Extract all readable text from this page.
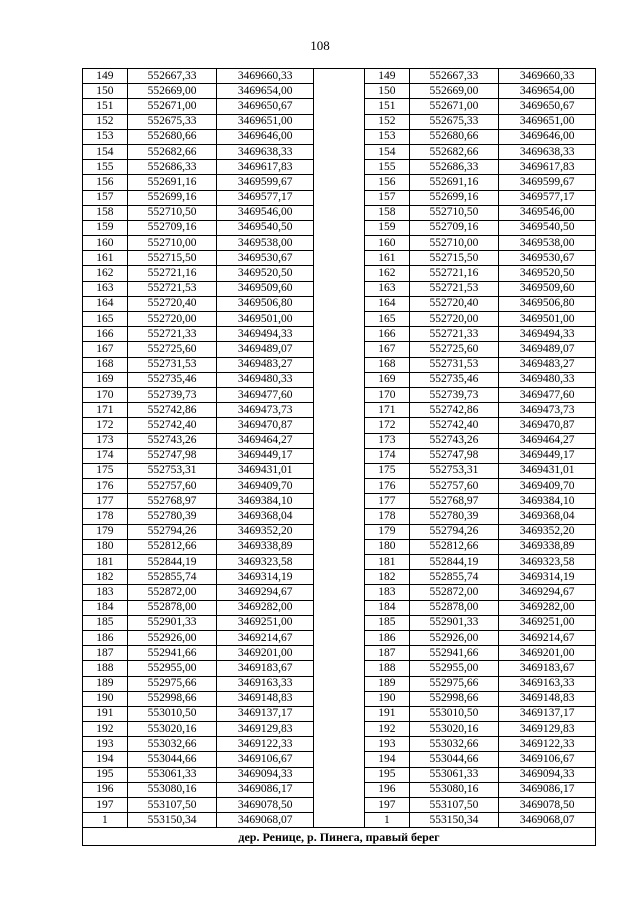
108
149	552667,33	3469660,33		149	552667,33	3469660,33
150	552669,00	3469654,00		150	552669,00	3469654,00
151	552671,00	3469650,67		151	552671,00	3469650,67
152	552675,33	3469651,00		152	552675,33	3469651,00
153	552680,66	3469646,00		153	552680,66	3469646,00
154	552682,66	3469638,33		154	552682,66	3469638,33
155	552686,33	3469617,83		155	552686,33	3469617,83
156	552691,16	3469599,67		156	552691,16	3469599,67
157	552699,16	3469577,17		157	552699,16	3469577,17
158	552710,50	3469546,00		158	552710,50	3469546,00
159	552709,16	3469540,50		159	552709,16	3469540,50
160	552710,00	3469538,00		160	552710,00	3469538,00
161	552715,50	3469530,67		161	552715,50	3469530,67
162	552721,16	3469520,50		162	552721,16	3469520,50
163	552721,53	3469509,60		163	552721,53	3469509,60
164	552720,40	3469506,80		164	552720,40	3469506,80
165	552720,00	3469501,00		165	552720,00	3469501,00
166	552721,33	3469494,33		166	552721,33	3469494,33
167	552725,60	3469489,07		167	552725,60	3469489,07
168	552731,53	3469483,27		168	552731,53	3469483,27
169	552735,46	3469480,33		169	552735,46	3469480,33
170	552739,73	3469477,60		170	552739,73	3469477,60
171	552742,86	3469473,73		171	552742,86	3469473,73
172	552742,40	3469470,87		172	552742,40	3469470,87
173	552743,26	3469464,27		173	552743,26	3469464,27
174	552747,98	3469449,17		174	552747,98	3469449,17
175	552753,31	3469431,01		175	552753,31	3469431,01
176	552757,60	3469409,70		176	552757,60	3469409,70
177	552768,97	3469384,10		177	552768,97	3469384,10
178	552780,39	3469368,04		178	552780,39	3469368,04
179	552794,26	3469352,20		179	552794,26	3469352,20
180	552812,66	3469338,89		180	552812,66	3469338,89
181	552844,19	3469323,58		181	552844,19	3469323,58
182	552855,74	3469314,19		182	552855,74	3469314,19
183	552872,00	3469294,67		183	552872,00	3469294,67
184	552878,00	3469282,00		184	552878,00	3469282,00
185	552901,33	3469251,00		185	552901,33	3469251,00
186	552926,00	3469214,67		186	552926,00	3469214,67
187	552941,66	3469201,00		187	552941,66	3469201,00
188	552955,00	3469183,67		188	552955,00	3469183,67
189	552975,66	3469163,33		189	552975,66	3469163,33
190	552998,66	3469148,83		190	552998,66	3469148,83
191	553010,50	3469137,17		191	553010,50	3469137,17
192	553020,16	3469129,83		192	553020,16	3469129,83
193	553032,66	3469122,33		193	553032,66	3469122,33
194	553044,66	3469106,67		194	553044,66	3469106,67
195	553061,33	3469094,33		195	553061,33	3469094,33
196	553080,16	3469086,17		196	553080,16	3469086,17
197	553107,50	3469078,50		197	553107,50	3469078,50
1	553150,34	3469068,07		1	553150,34	3469068,07
дер. Ренице, р. Пинега, правый берег						
